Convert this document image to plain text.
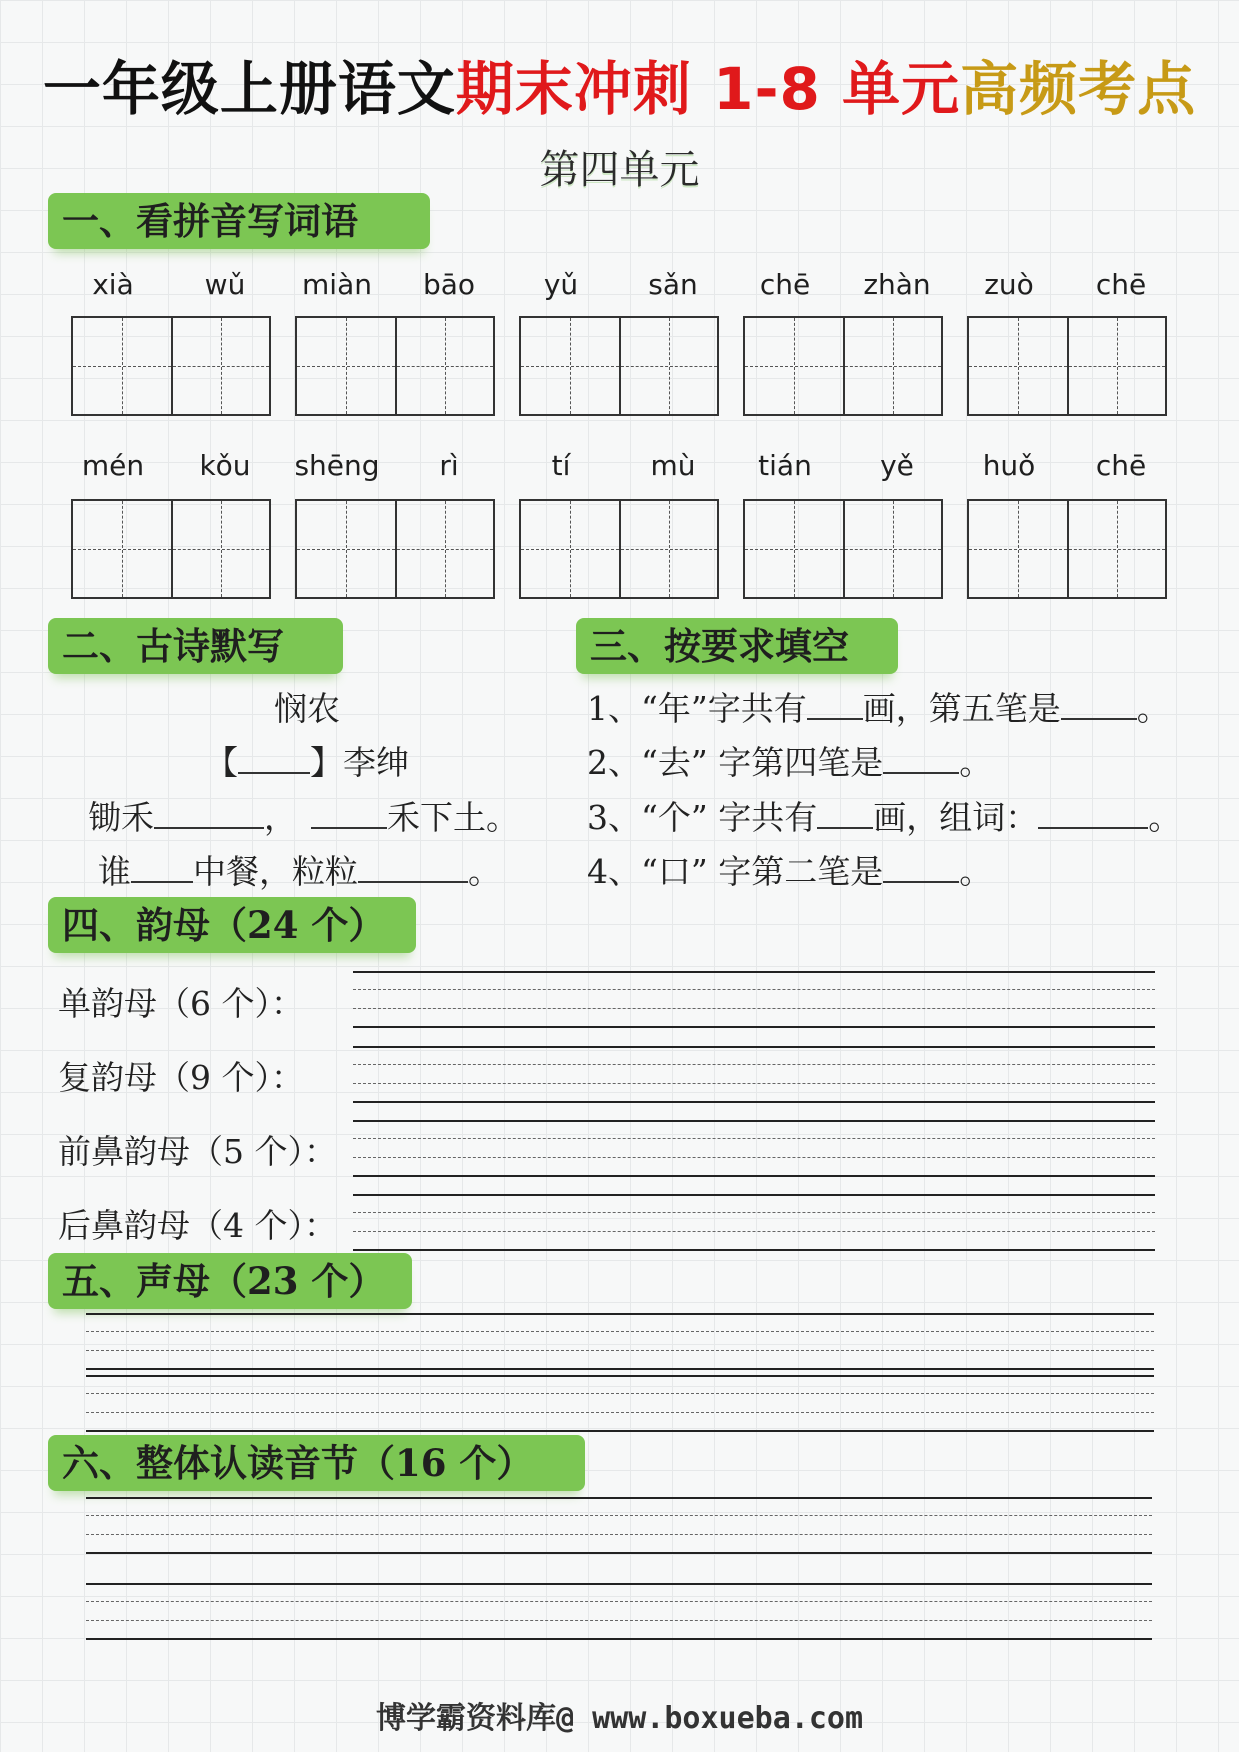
一年级上册语文期末冲刺 1-8 单元高频考点
第四单元
一、看拼音写词语
xià	wǔ	miàn	bāo	yǔ	sǎn	chē	zhàn	zuò	chē
mén	kǒu	shēng	rì	tí	mù	tián	yě	huǒ	chē
二、古诗默写
悯农
【 】李绅
锄禾	，	禾下土。
谁 中餐，粒粒	。
三、按要求填空
1、“年”字共有 画，第五笔是 。
2、“去” 字第四笔是 。
3、“个” 字共有 画，组词：	。
4、“口” 字第二笔是 。
四、韵母（24 个）
单韵母（6 个）：
复韵母（9 个）：
前鼻韵母（5 个）：
后鼻韵母（4 个）：
五、声母（23 个）
六、整体认读音节（16 个）
博学霸资料库@ www.boxueba.com
